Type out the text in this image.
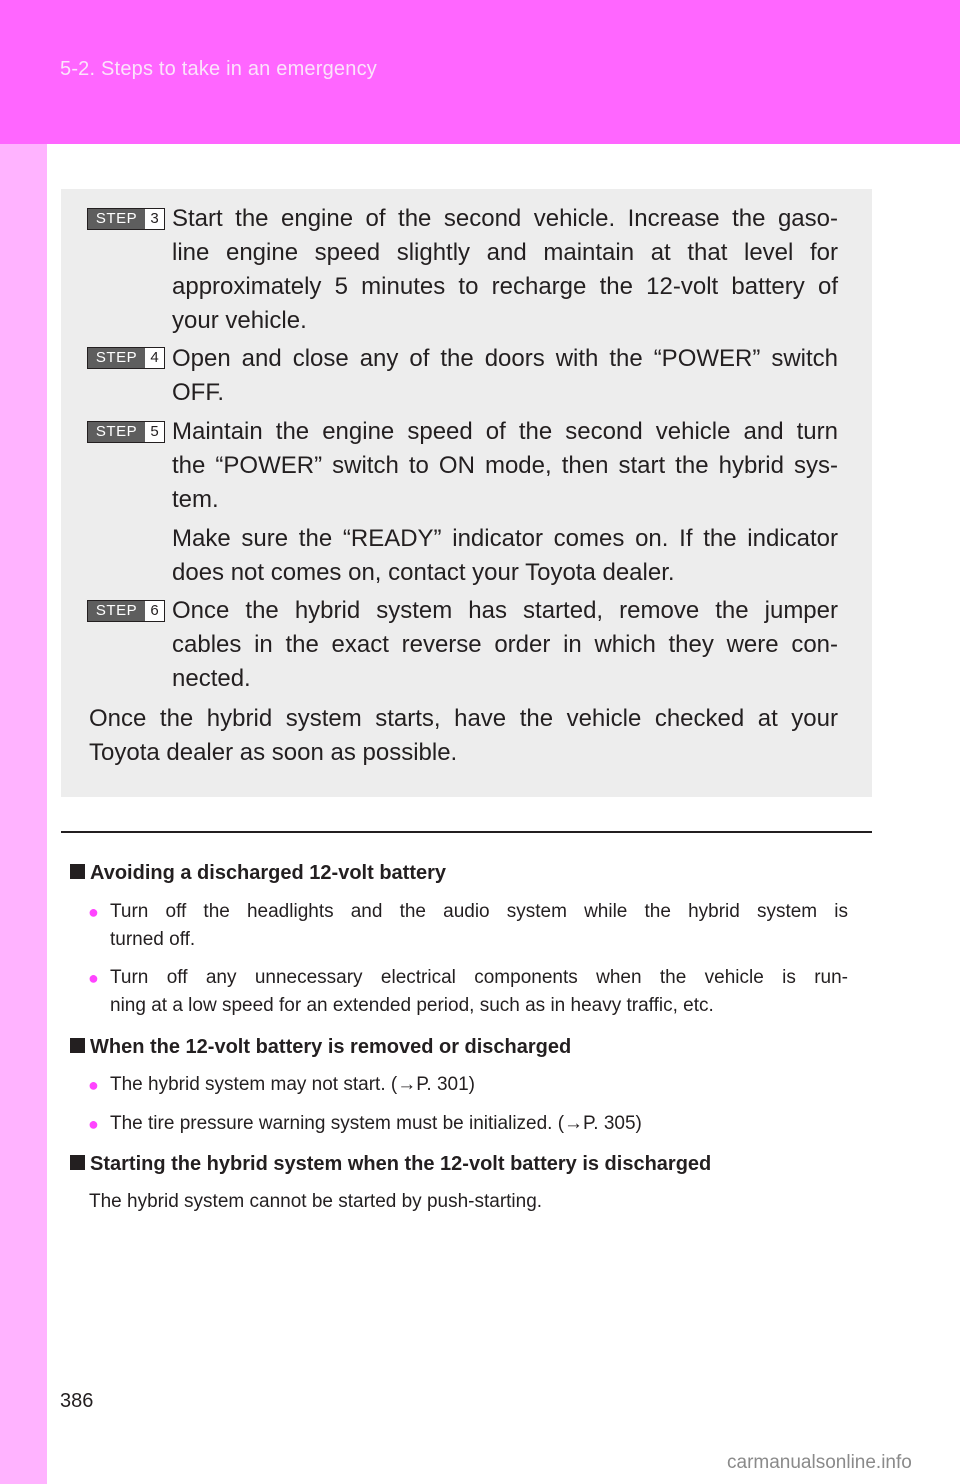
5-2. Steps to take in an emergency
STEP 3 Start the engine of the second vehicle. Increase the gaso-
line engine speed slightly and maintain at that level for
approximately 5 minutes to recharge the 12-volt battery of
your vehicle.
STEP 4 Open and close any of the doors with the “POWER” switch
OFF.
STEP 5 Maintain the engine speed of the second vehicle and turn
the “POWER” switch to ON mode, then start the hybrid sys-
tem.
Make sure the “READY” indicator comes on. If the indicator
does not comes on, contact your Toyota dealer.
STEP 6 Once the hybrid system has started, remove the jumper
cables in the exact reverse order in which they were con-
nected.
Once the hybrid system starts, have the vehicle checked at your
Toyota dealer as soon as possible.
Avoiding a discharged 12-volt battery
● Turn off the headlights and the audio system while the hybrid system is
turned off.
● Turn off any unnecessary electrical components when the vehicle is run-
ning at a low speed for an extended period, such as in heavy traffic, etc.
When the 12-volt battery is removed or discharged
● The hybrid system may not start. (→P. 301)
● The tire pressure warning system must be initialized. (→P. 305)
Starting the hybrid system when the 12-volt battery is discharged
The hybrid system cannot be started by push-starting.
386
carmanualsonline.info
